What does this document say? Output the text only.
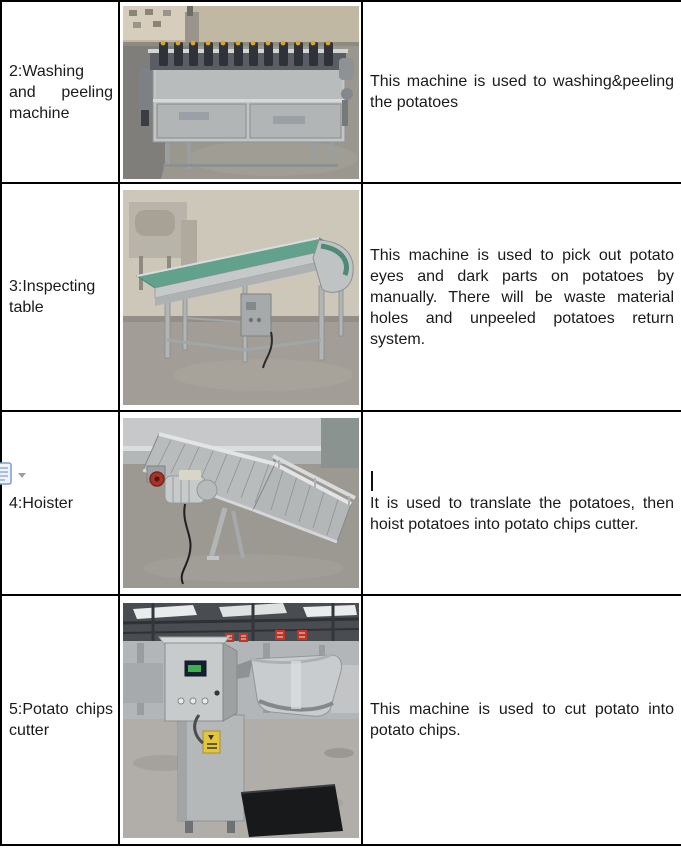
2:Washing and peeling machine		This machine is used to washing&peeling the potatoes

3:Inspecting table		This machine is used to pick out potato eyes and dark parts on potatoes by manually. There will be waste material holes and unpeeled potatoes return system.

4:Hoister		It is used to translate the potatoes, then hoist potatoes into potato chips cutter.

5:Potato chips cutter		This machine is used to cut potato into potato chips.
